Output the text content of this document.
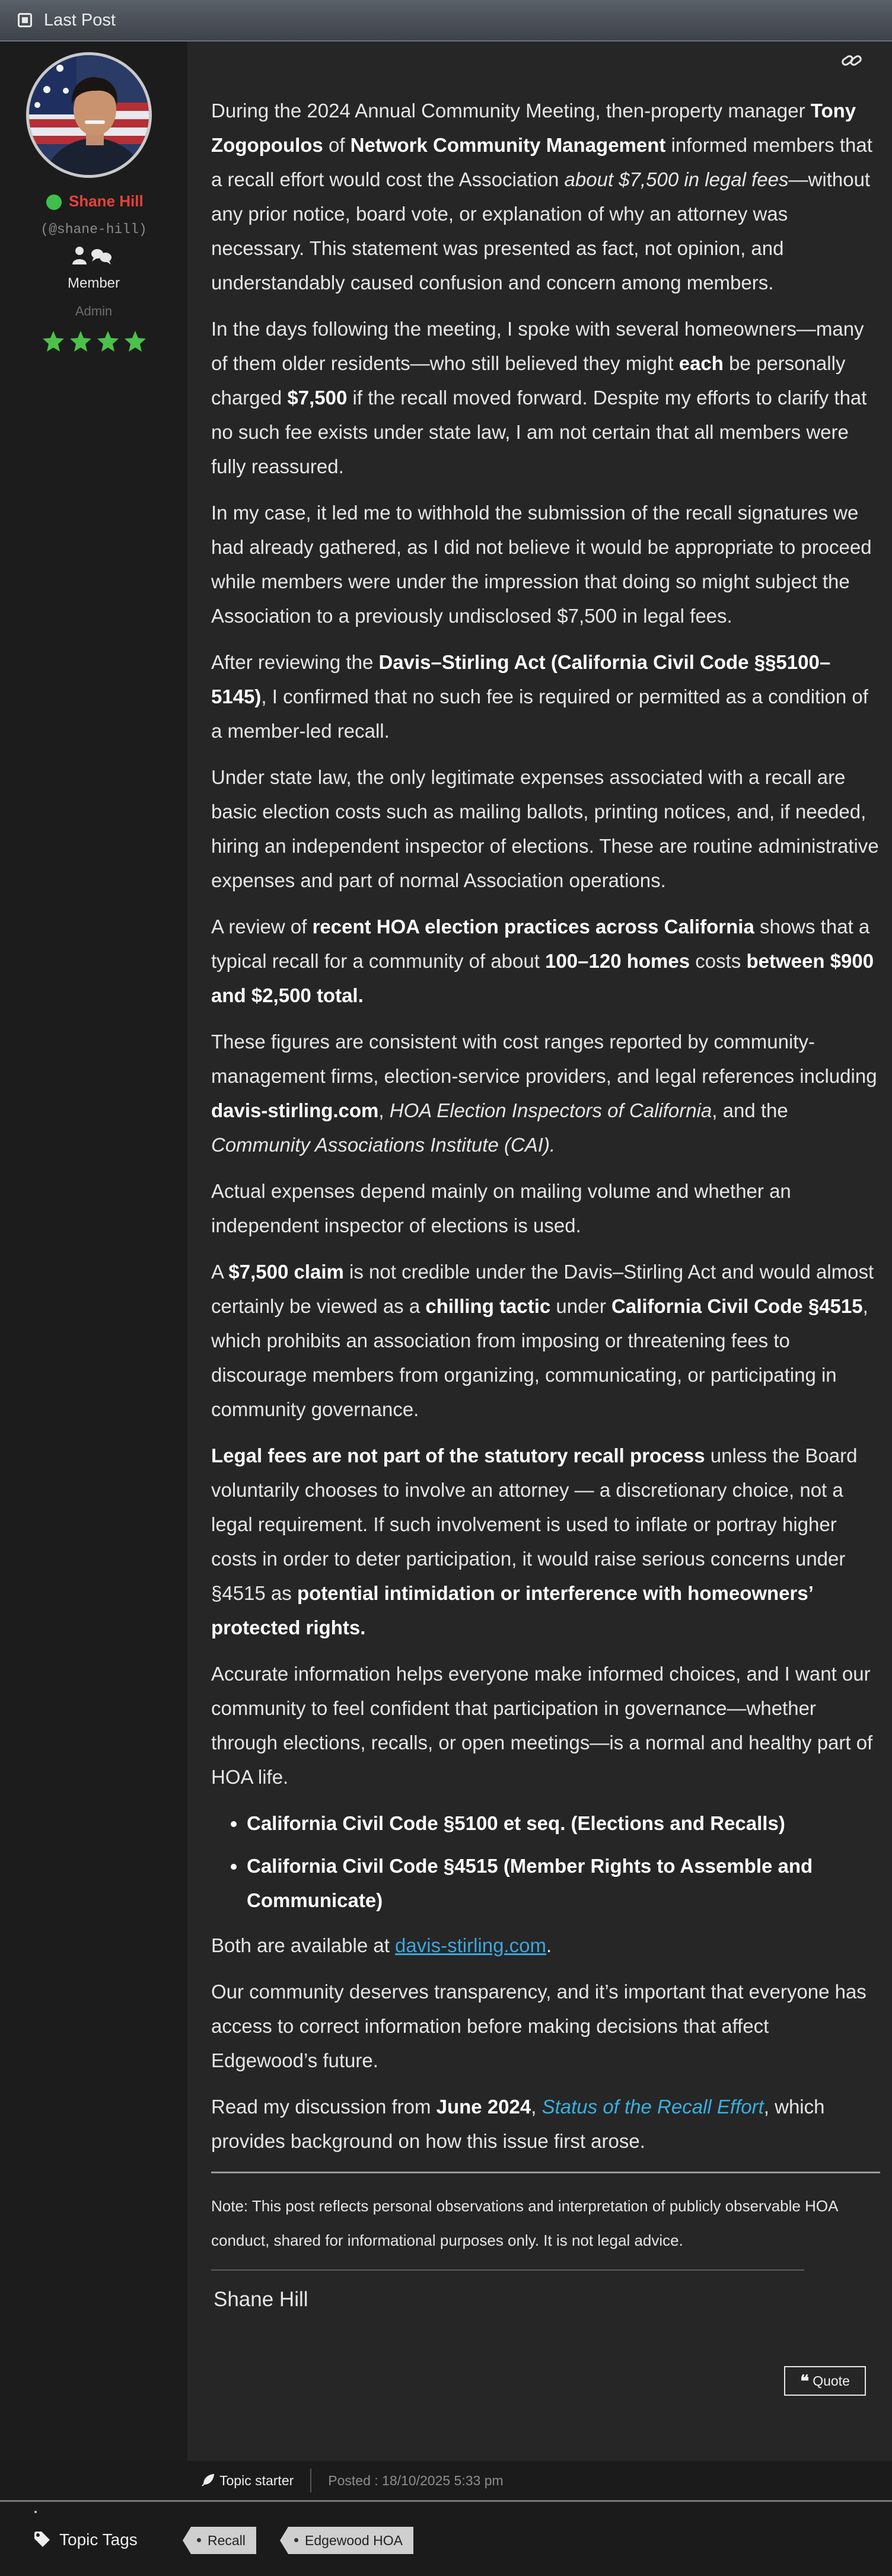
Last Post
Shane Hill
(@shane-hill)
Member
Admin

During the 2024 Annual Community Meeting, then-property manager Tony Zogopoulos of Network Community Management informed members that a recall effort would cost the Association about $7,500 in legal fees—without any prior notice, board vote, or explanation of why an attorney was necessary. This statement was presented as fact, not opinion, and understandably caused confusion and concern among members.

In the days following the meeting, I spoke with several homeowners—many of them older residents—who still believed they might each be personally charged $7,500 if the recall moved forward. Despite my efforts to clarify that no such fee exists under state law, I am not certain that all members were fully reassured.

In my case, it led me to withhold the submission of the recall signatures we had already gathered, as I did not believe it would be appropriate to proceed while members were under the impression that doing so might subject the Association to a previously undisclosed $7,500 in legal fees.

After reviewing the Davis–Stirling Act (California Civil Code §§5100–5145), I confirmed that no such fee is required or permitted as a condition of a member-led recall.

Under state law, the only legitimate expenses associated with a recall are basic election costs such as mailing ballots, printing notices, and, if needed, hiring an independent inspector of elections. These are routine administrative expenses and part of normal Association operations.

A review of recent HOA election practices across California shows that a typical recall for a community of about 100–120 homes costs between $900 and $2,500 total.

These figures are consistent with cost ranges reported by community-management firms, election-service providers, and legal references including davis-stirling.com, HOA Election Inspectors of California, and the Community Associations Institute (CAI).

Actual expenses depend mainly on mailing volume and whether an independent inspector of elections is used.

A $7,500 claim is not credible under the Davis–Stirling Act and would almost certainly be viewed as a chilling tactic under California Civil Code §4515, which prohibits an association from imposing or threatening fees to discourage members from organizing, communicating, or participating in community governance.

Legal fees are not part of the statutory recall process unless the Board voluntarily chooses to involve an attorney — a discretionary choice, not a legal requirement. If such involvement is used to inflate or portray higher costs in order to deter participation, it would raise serious concerns under §4515 as potential intimidation or interference with homeowners’ protected rights.

Accurate information helps everyone make informed choices, and I want our community to feel confident that participation in governance—whether through elections, recalls, or open meetings—is a normal and healthy part of HOA life.

• California Civil Code §5100 et seq. (Elections and Recalls)
• California Civil Code §4515 (Member Rights to Assemble and Communicate)

Both are available at davis-stirling.com.

Our community deserves transparency, and it’s important that everyone has access to correct information before making decisions that affect Edgewood’s future.

Read my discussion from June 2024, Status of the Recall Effort, which provides background on how this issue first arose.

Note: This post reflects personal observations and interpretation of publicly observable HOA conduct, shared for informational purposes only. It is not legal advice.

Shane Hill

❝ Quote
Topic starter	Posted : 18/10/2025 5:33 pm
Topic Tags	Recall	Edgewood HOA
